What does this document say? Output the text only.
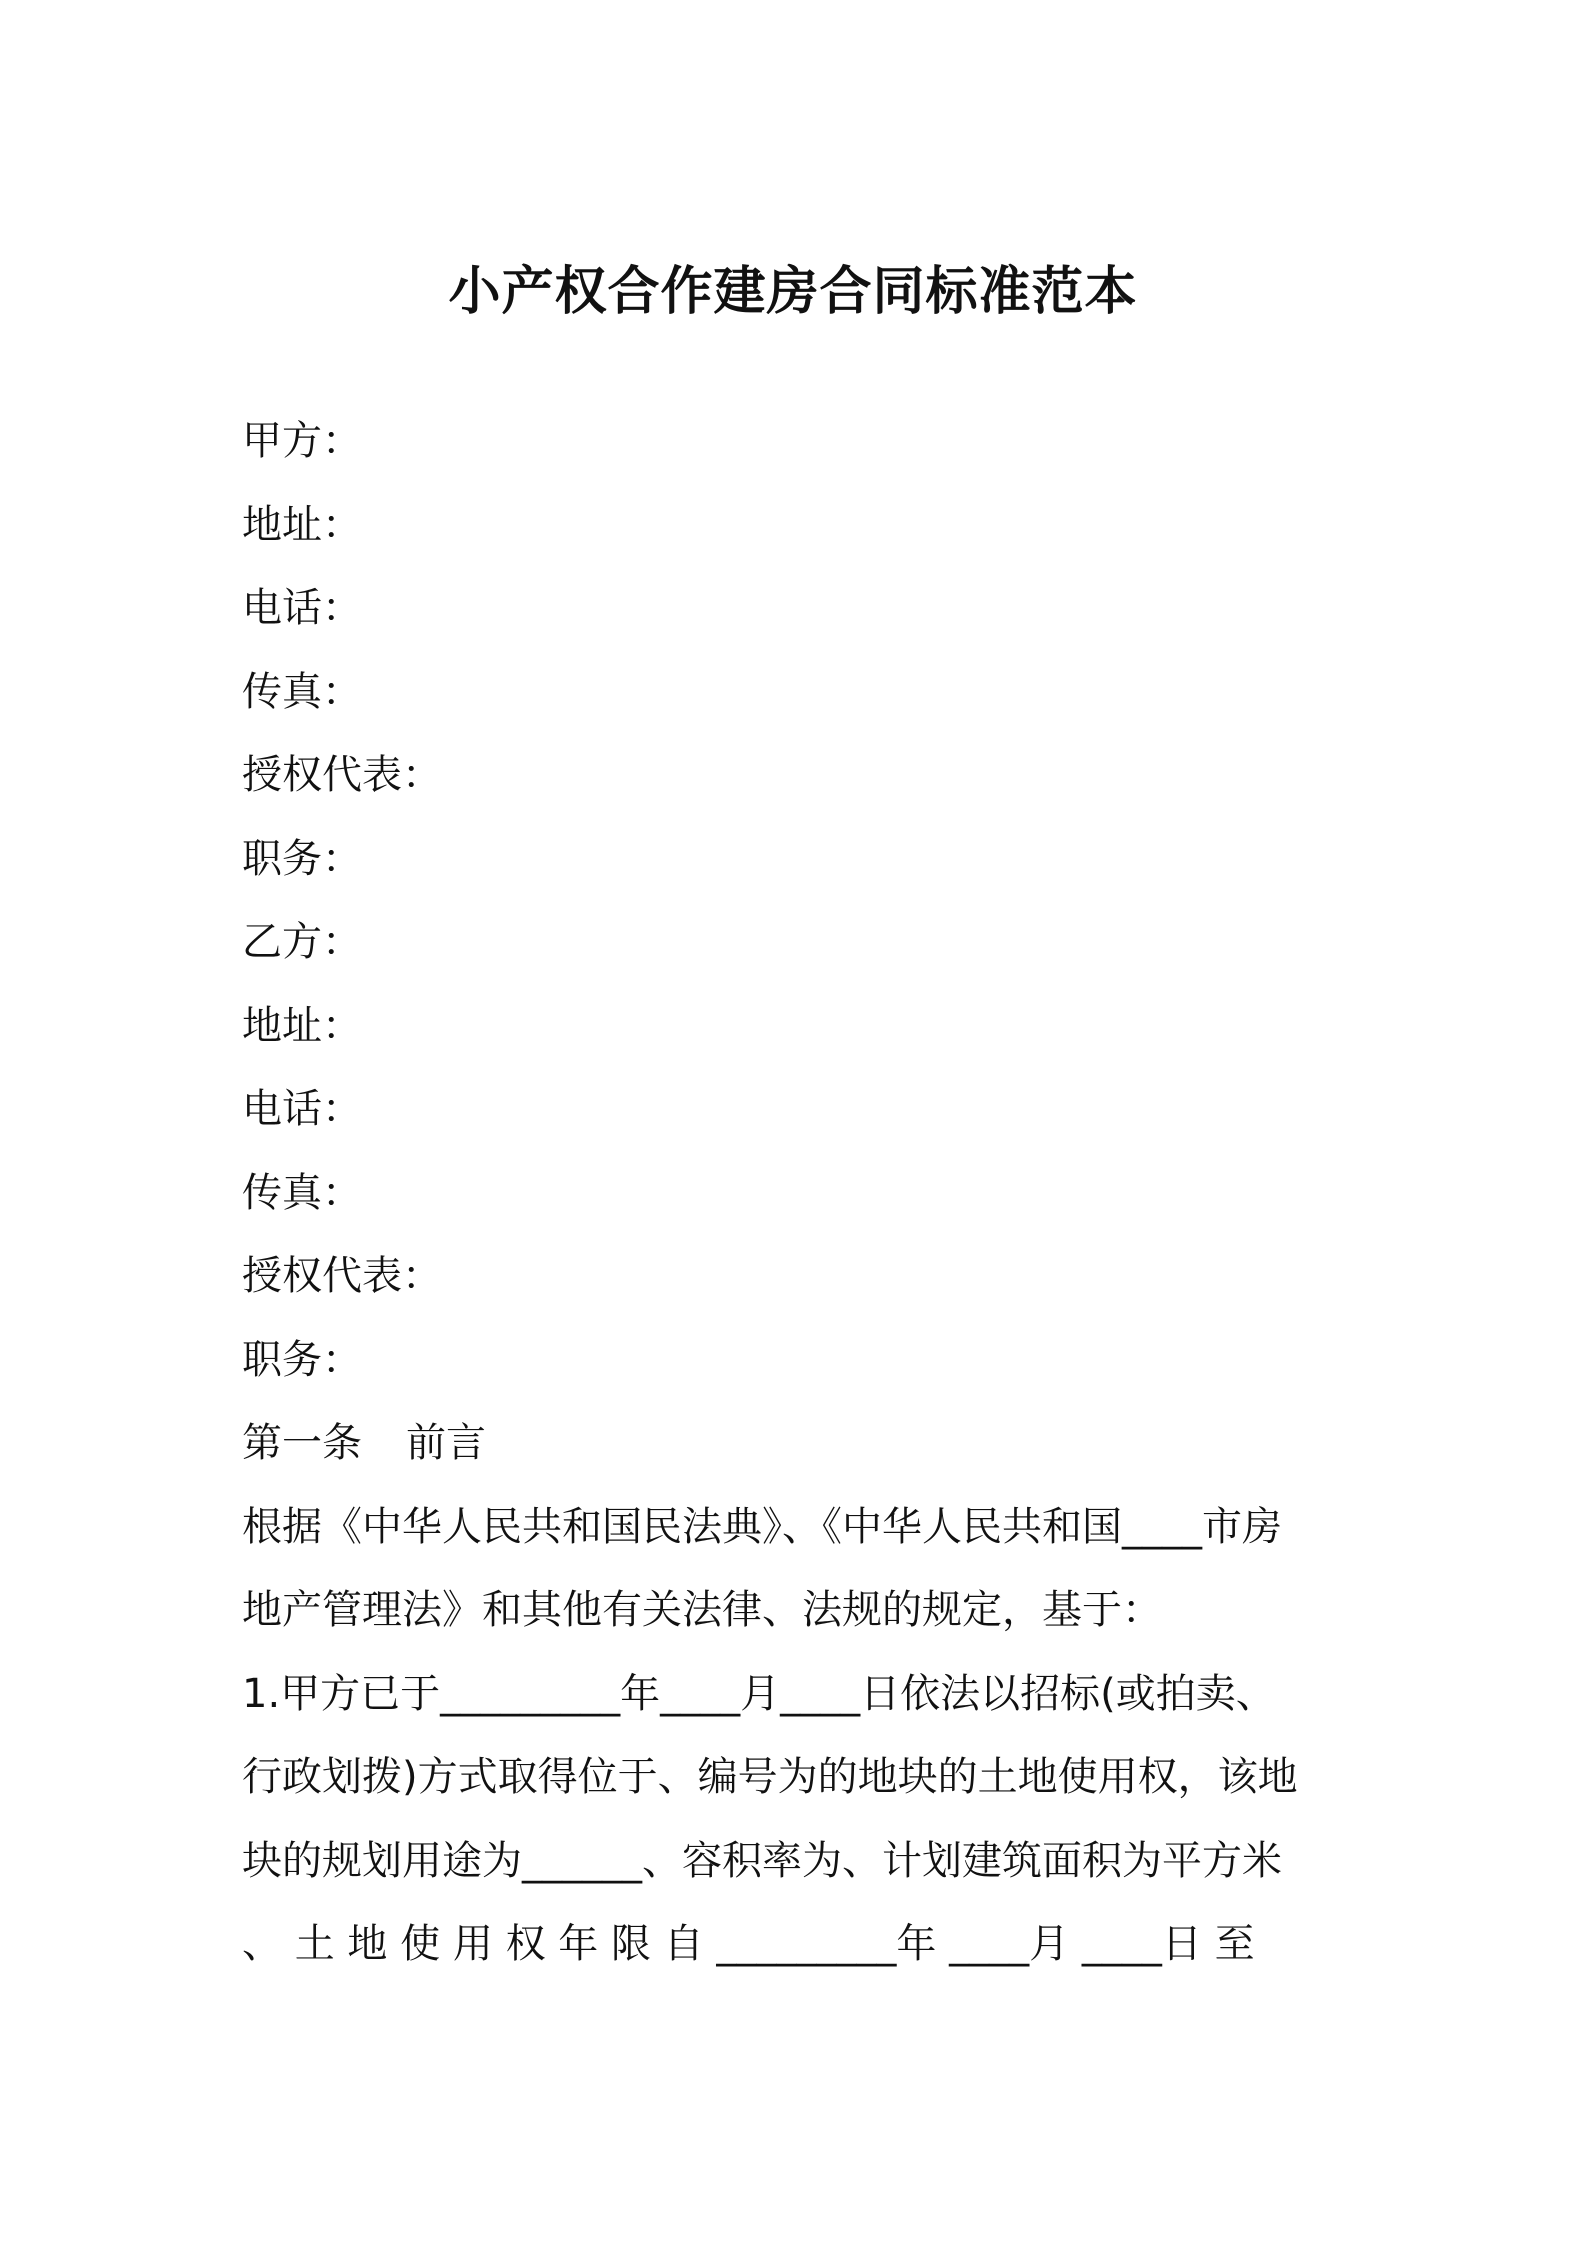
小产权合作建房合同标准范本
甲方 ：
地址 ：
电话 ：
传真 ：
授权代表 ：
职务 ：
乙方 ：
地址 ：
电话 ：
传真 ：
授权代表 ：
职务 ：
第一条 前言
根据《中华人民共和国民法典》、《中华人民共和国____市房
地产管理法》和其他有关法律、法规的规定，基于：
1.甲方已于_________年____月____日依法以招标(或拍卖、
行政划拨)方式取得位于、编号为的地块的土地使用权，该地
块的规划用途为______、容积率为、计划建筑面积为平方米
、 土 地 使 用 权 年 限 自 _________年 ____月 ____日 至
